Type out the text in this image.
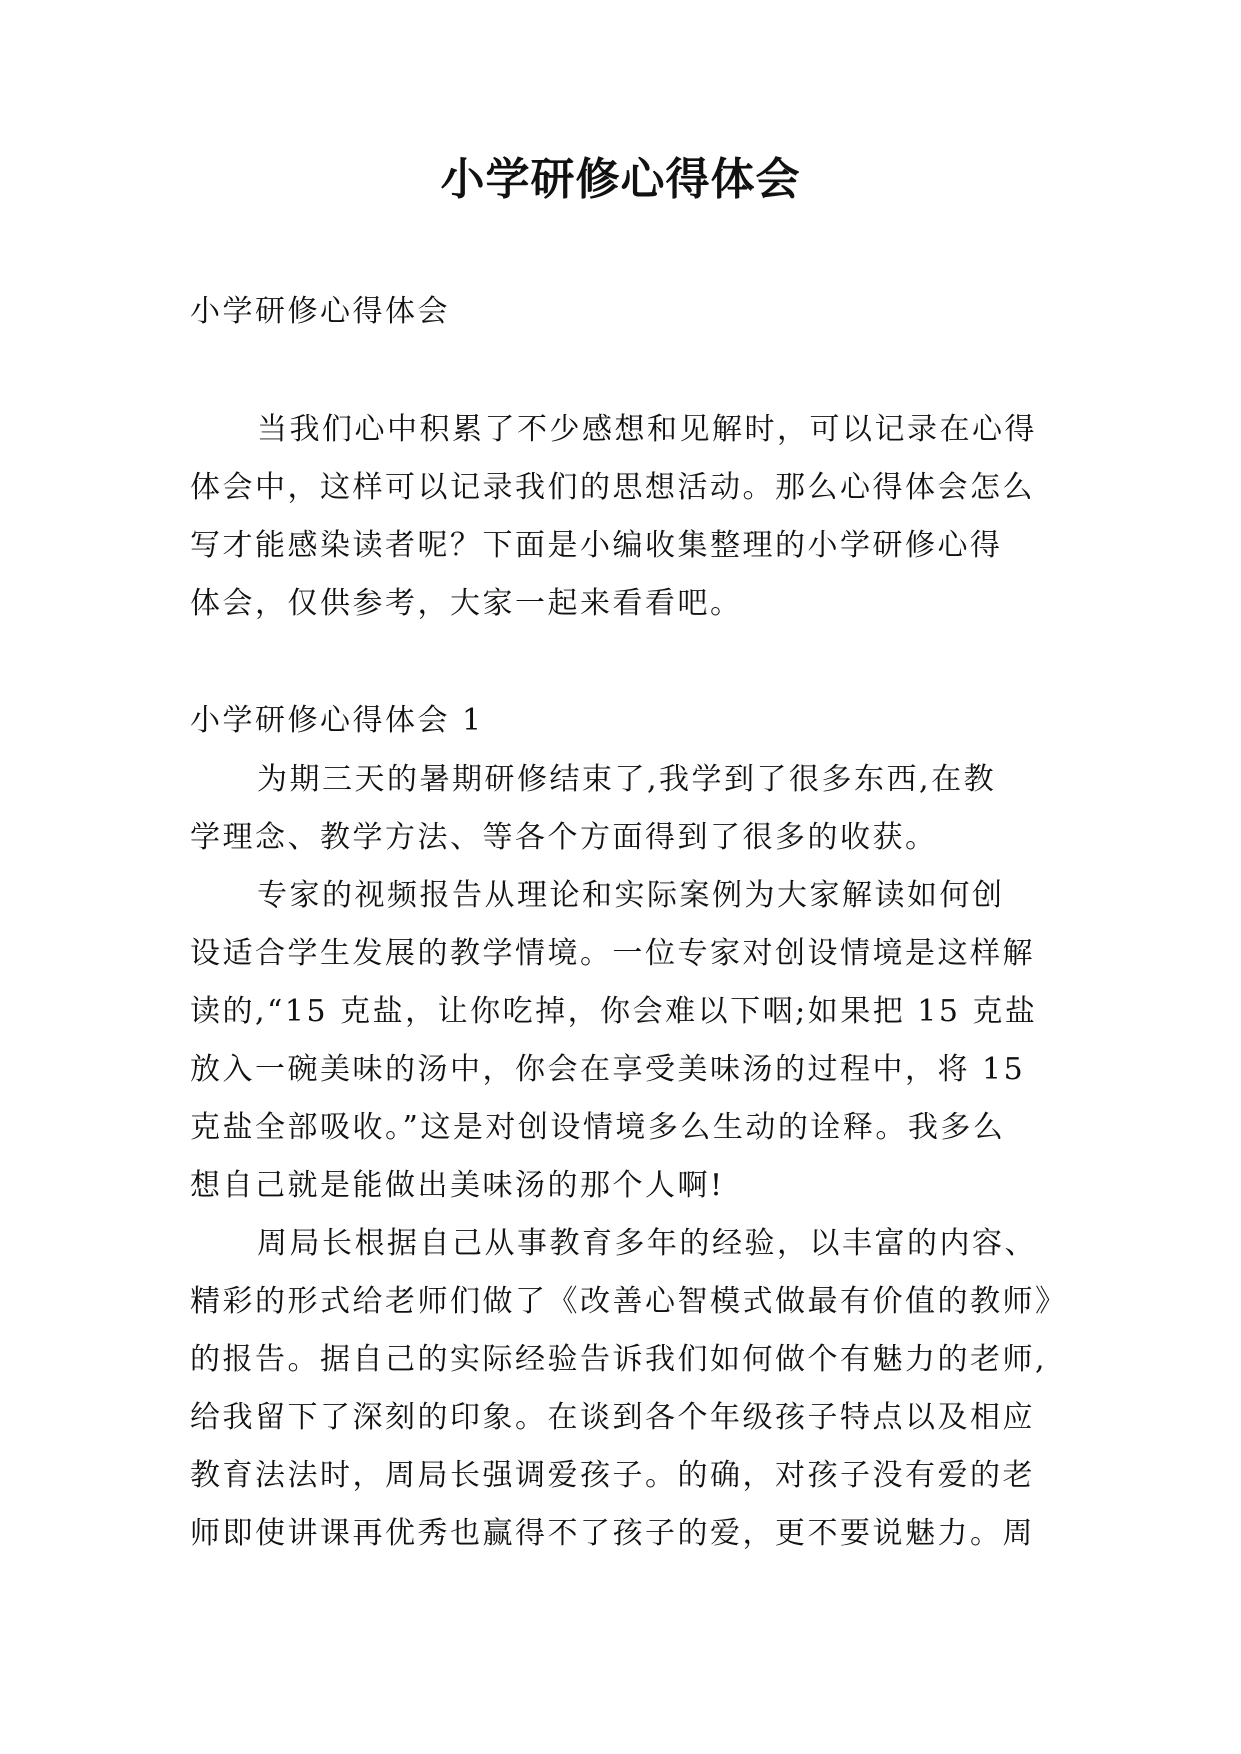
小学研修心得体会

小学研修心得体会

当我们心中积累了不少感想和见解时，可以记录在心得

体会中，这样可以记录我们的思想活动。那么心得体会怎么

写才能感染读者呢？下面是小编收集整理的小学研修心得

体会，仅供参考，大家一起来看看吧。

小学研修心得体会 1

为期三天的暑期研修结束了,我学到了很多东西,在教

学理念、教学方法、等各个方面得到了很多的收获。

专家的视频报告从理论和实际案例为大家解读如何创

设适合学生发展的教学情境。一位专家对创设情境是这样解

读的,“15 克盐，让你吃掉，你会难以下咽;如果把 15 克盐

放入一碗美味的汤中，你会在享受美味汤的过程中，将 15

克盐全部吸收。”这是对创设情境多么生动的诠释。我多么

想自己就是能做出美味汤的那个人啊!

周局长根据自己从事教育多年的经验，以丰富的内容、

精彩的形式给老师们做了《改善心智模式做最有价值的教师》

的报告。据自己的实际经验告诉我们如何做个有魅力的老师,

给我留下了深刻的印象。在谈到各个年级孩子特点以及相应

教育法法时，周局长强调爱孩子。的确，对孩子没有爱的老

师即使讲课再优秀也赢得不了孩子的爱，更不要说魅力。周
